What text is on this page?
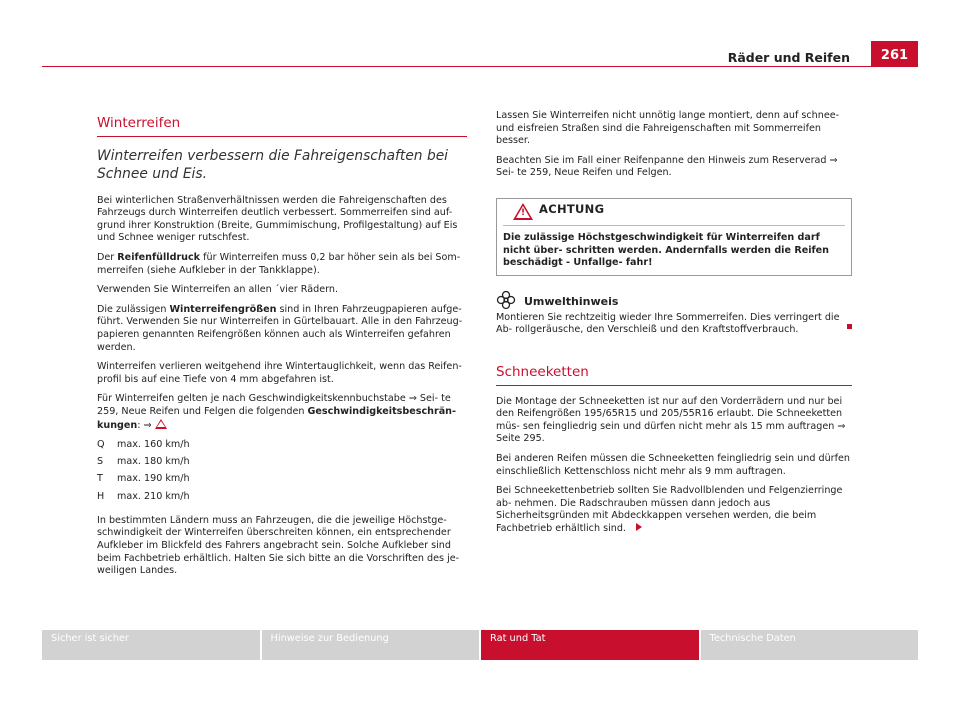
261
Räder und Reifen
Winterreifen
Winterreifen verbessern die Fahreigenschaften bei Schnee und Eis.

Bei winterlichen Straßenverhältnissen werden die Fahreigenschaften des Fahrzeugs durch Winterreifen deutlich verbessert. Sommerreifen sind auf- grund ihrer Konstruktion (Breite, Gummimischung, Profilgestaltung) auf Eis und Schnee weniger rutschfest.

Der Reifenfülldruck für Winterreifen muss 0,2 bar höher sein als bei Som- merreifen (siehe Aufkleber in der Tankklappe).

Verwenden Sie Winterreifen an allen ´vier Rädern.

Die zulässigen Winterreifengrößen sind in Ihren Fahrzeugpapieren aufge- führt. Verwenden Sie nur Winterreifen in Gürtelbauart. Alle in den Fahrzeug- papieren genannten Reifengrößen können auch als Winterreifen gefahren werden.

Winterreifen verlieren weitgehend ihre Wintertauglichkeit, wenn das Reifen- profil bis auf eine Tiefe von 4 mm abgefahren ist.

Für Winterreifen gelten je nach Geschwindigkeitskennbuchstabe ⇒ Sei- te 259, Neue Reifen und Felgen die folgenden Geschwindigkeitsbeschrän- kungen: ⇒

Q	max. 160 km/h
S	max. 180 km/h
T	max. 190 km/h
H	max. 210 km/h

In bestimmten Ländern muss an Fahrzeugen, die die jeweilige Höchstge- schwindigkeit der Winterreifen überschreiten können, ein entsprechender Aufkleber im Blickfeld des Fahrers angebracht sein. Solche Aufkleber sind beim Fachbetrieb erhältlich. Halten Sie sich bitte an die Vorschriften des je- weiligen Landes.

Lassen Sie Winterreifen nicht unnötig lange montiert, denn auf schnee- und eisfreien Straßen sind die Fahreigenschaften mit Sommerreifen besser.

Beachten Sie im Fall einer Reifenpanne den Hinweis zum Reserverad ⇒ Sei- te 259, Neue Reifen und Felgen.

!
ACHTUNG
Die zulässige Höchstgeschwindigkeit für Winterreifen darf nicht über- schritten werden. Andernfalls werden die Reifen beschädigt - Unfallge- fahr!
Umwelthinweis

Montieren Sie rechtzeitig wieder Ihre Sommerreifen. Dies verringert die Ab- rollgeräusche, den Verschleiß und den Kraftstoffverbrauch.

Schneeketten

Die Montage der Schneeketten ist nur auf den Vorderrädern und nur bei den Reifengrößen 195/65R15 und 205/55R16 erlaubt. Die Schneeketten müs- sen feingliedrig sein und dürfen nicht mehr als 15 mm auftragen ⇒ Seite 295.

Bei anderen Reifen müssen die Schneeketten feingliedrig sein und dürfen einschließlich Kettenschloss nicht mehr als 9 mm auftragen.

Bei Schneekettenbetrieb sollten Sie Radvollblenden und Felgenzierringe ab- nehmen. Die Radschrauben müssen dann jedoch aus Sicherheitsgründen mit Abdeckkappen versehen werden, die beim Fachbetrieb erhältlich sind.

Sicher ist sicher	Hinweise zur Bedienung	Rat und Tat	Technische Daten
